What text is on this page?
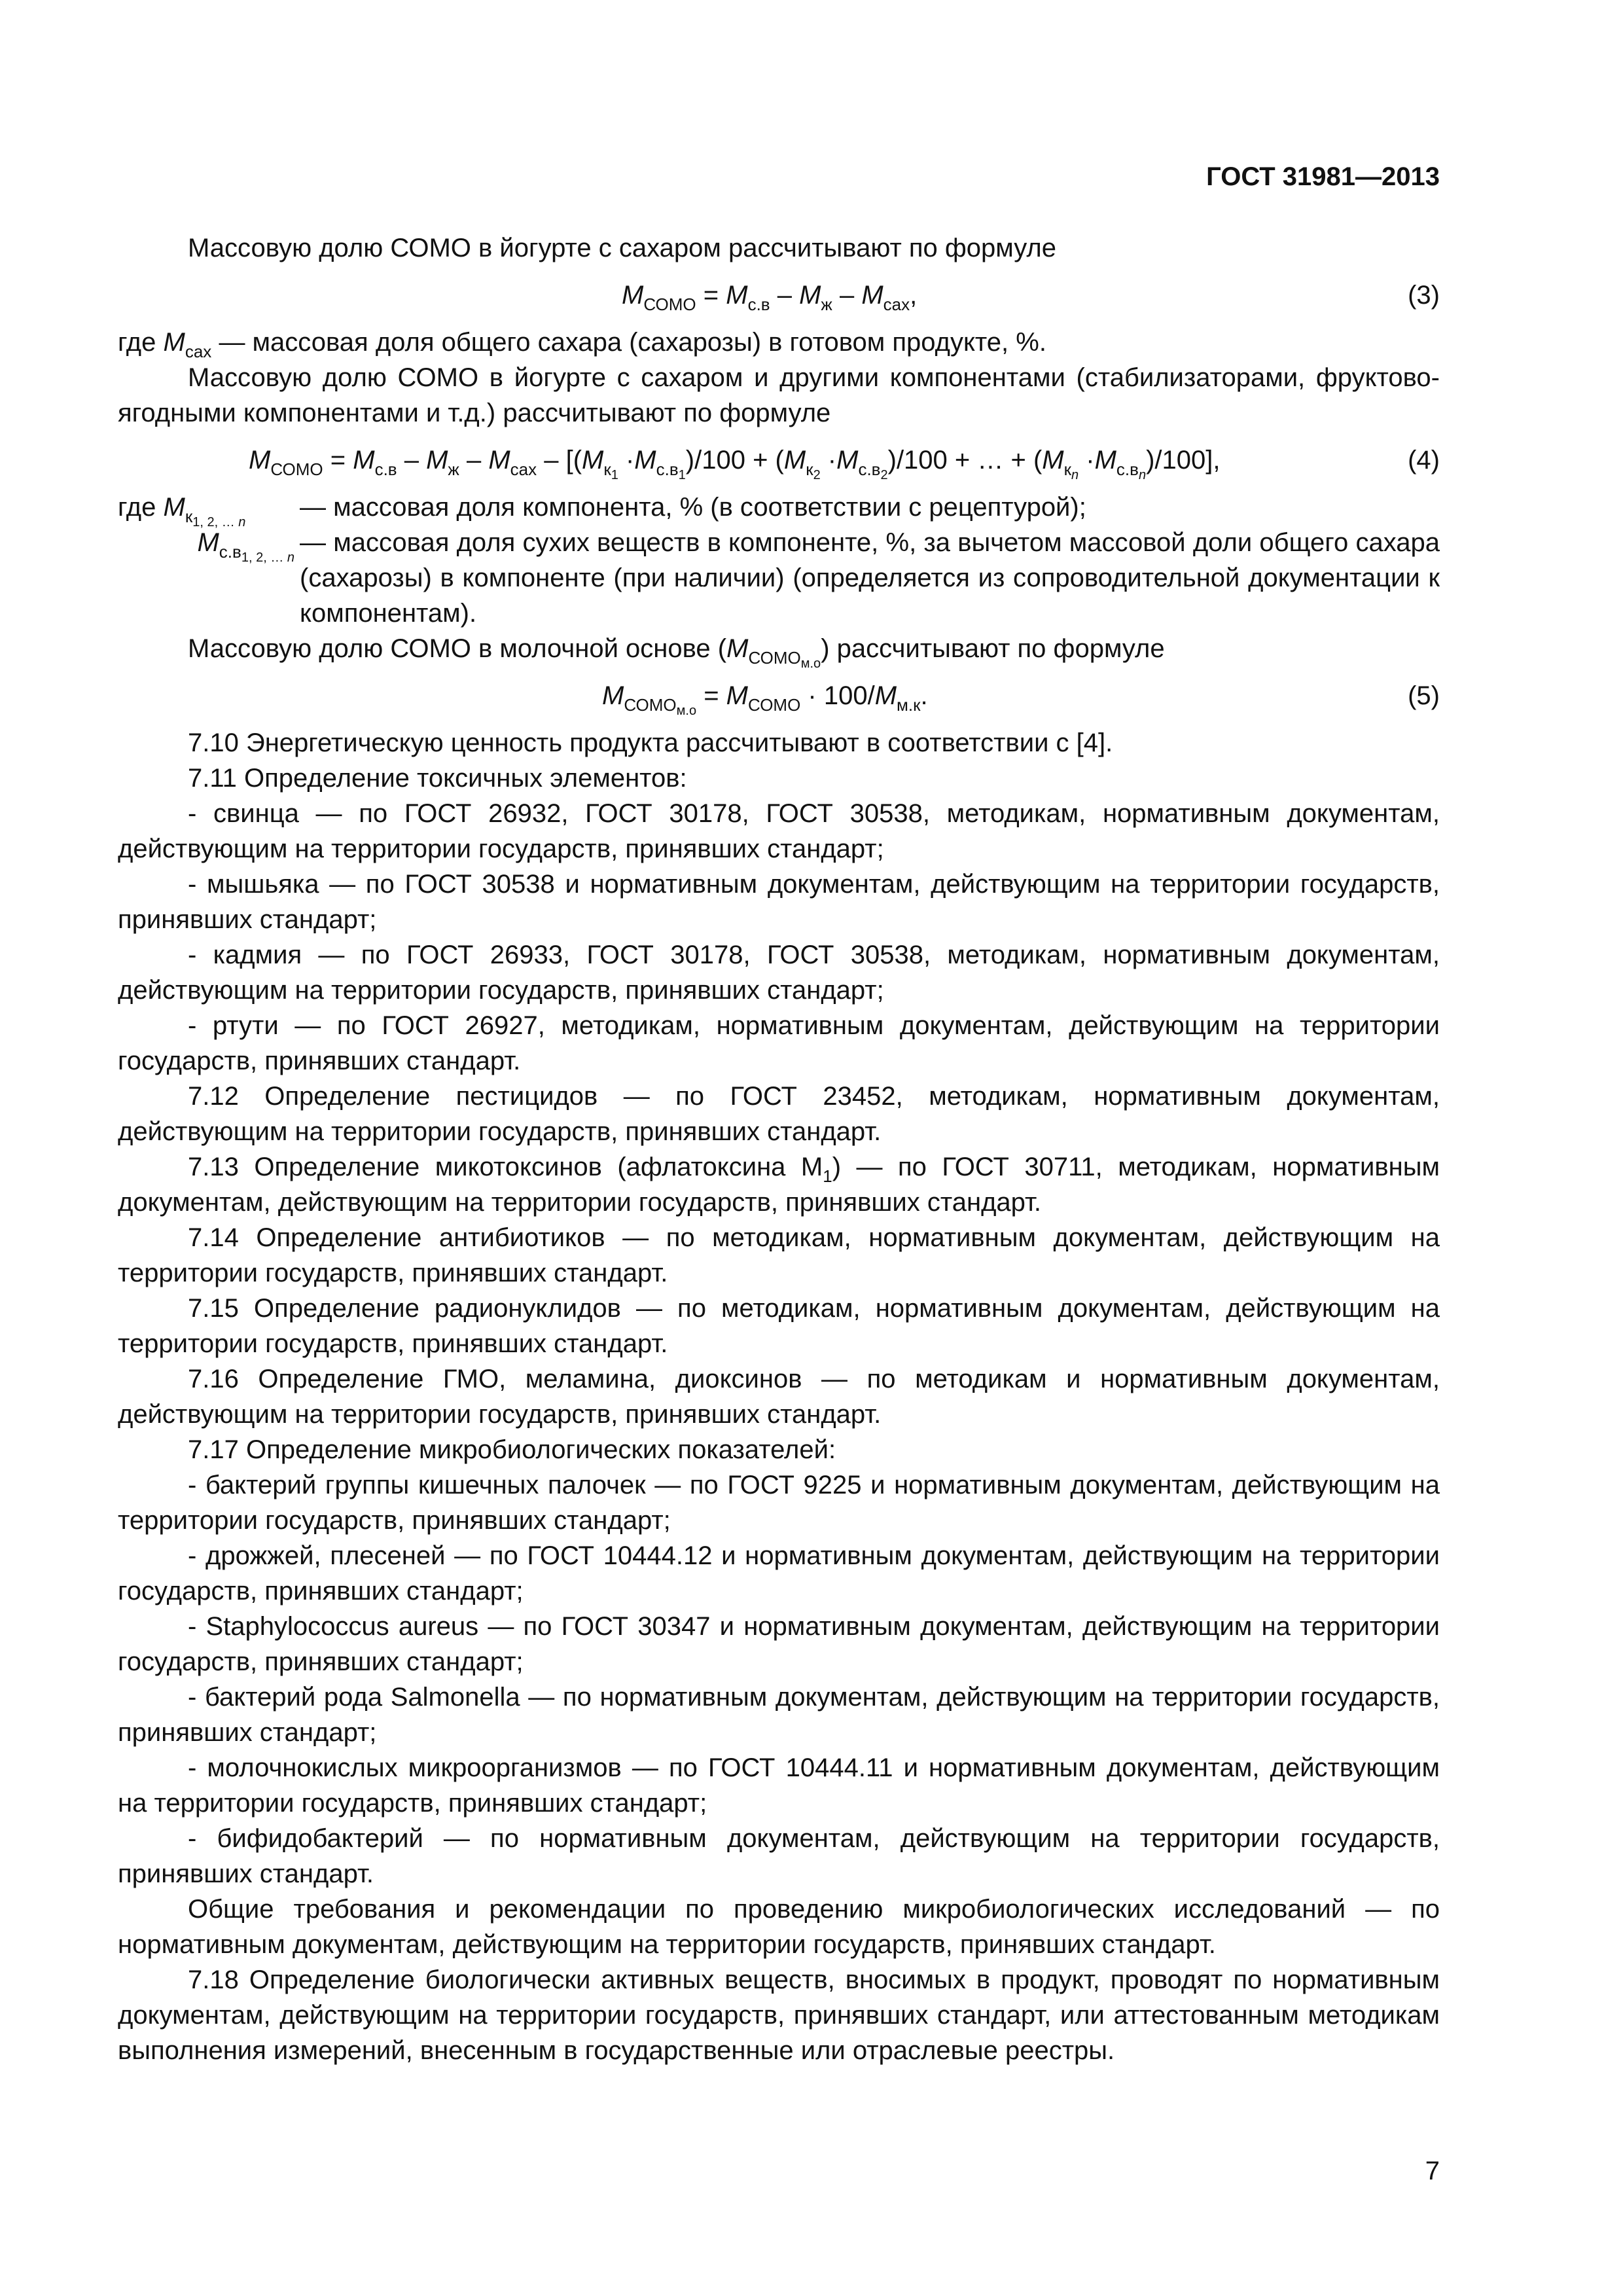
ГОСТ 31981—2013

Массовую долю СОМО в йогурте с сахаром рассчитывают по формуле

$M_{СОМО} = M_{с.в} - M_ж - M_{сах}$,	(3)

где $M_{сах}$ — массовая доля общего сахара (сахарозы) в готовом продукте, %.

Массовую долю СОМО в йогурте с сахаром и другими компонентами (стабилизаторами, фруктово-ягодными компонентами и т.д.) рассчитывают по формуле

$M_{СОМО} = M_{с.в} - M_ж - M_{сах} - [(M_{к_1} \cdot M_{с.в_1})/100 + (M_{к_2} \cdot M_{с.в_2})/100$ + … + $(M_{к_n} \cdot M_{с.в_n})/100$],	(4)
где $M_{к_{1, 2, \dots n}}$
— массовая доля компонента, % (в соответствии с рецептурой);
$M_{с.в_{1, 2, \dots n}}$
— массовая доля сухих веществ в компоненте, %, за вычетом массовой доли общего сахара (сахарозы) в компоненте (при наличии) (определяется из сопроводительной документации к компонентам).

Массовую долю СОМО в молочной основе $(M_{СОМО_{м.о}})$ рассчитывают по формуле

$M_{СОМО_{м.о}} = M_{СОМО} \cdot 100/M_{м.к}$.	(5)

7.10 Энергетическую ценность продукта рассчитывают в соответствии с [4].

7.11 Определение токсичных элементов:

- свинца — по ГОСТ 26932, ГОСТ 30178, ГОСТ 30538, методикам, нормативным документам, действующим на территории государств, принявших стандарт;

- мышьяка — по ГОСТ 30538 и нормативным документам, действующим на территории государств, принявших стандарт;

- кадмия — по ГОСТ 26933, ГОСТ 30178, ГОСТ 30538, методикам, нормативным документам, действующим на территории государств, принявших стандарт;

- ртути — по ГОСТ 26927, методикам, нормативным документам, действующим на территории государств, принявших стандарт.

7.12 Определение пестицидов — по ГОСТ 23452, методикам, нормативным документам, действующим на территории государств, принявших стандарт.

7.13 Определение микотоксинов (афлатоксина $M_1$) — по ГОСТ 30711, методикам, нормативным документам, действующим на территории государств, принявших стандарт.

7.14 Определение антибиотиков — по методикам, нормативным документам, действующим на территории государств, принявших стандарт.

7.15 Определение радионуклидов — по методикам, нормативным документам, действующим на территории государств, принявших стандарт.

7.16 Определение ГМО, меламина, диоксинов — по методикам и нормативным документам, действующим на территории государств, принявших стандарт.

7.17 Определение микробиологических показателей:

- бактерий группы кишечных палочек — по ГОСТ 9225 и нормативным документам, действующим на территории государств, принявших стандарт;

- дрожжей, плесеней — по ГОСТ 10444.12 и нормативным документам, действующим на территории государств, принявших стандарт;

- Staphylococcus aureus — по ГОСТ 30347 и нормативным документам, действующим на территории государств, принявших стандарт;

- бактерий рода Salmonella — по нормативным документам, действующим на территории государств, принявших стандарт;

- молочнокислых микроорганизмов — по ГОСТ 10444.11 и нормативным документам, действующим на территории государств, принявших стандарт;

- бифидобактерий — по нормативным документам, действующим на территории государств, принявших стандарт.

Общие требования и рекомендации по проведению микробиологических исследований — по нормативным документам, действующим на территории государств, принявших стандарт.

7.18 Определение биологически активных веществ, вносимых в продукт, проводят по нормативным документам, действующим на территории государств, принявших стандарт, или аттестованным методикам выполнения измерений, внесенным в государственные или отраслевые реестры.

7
